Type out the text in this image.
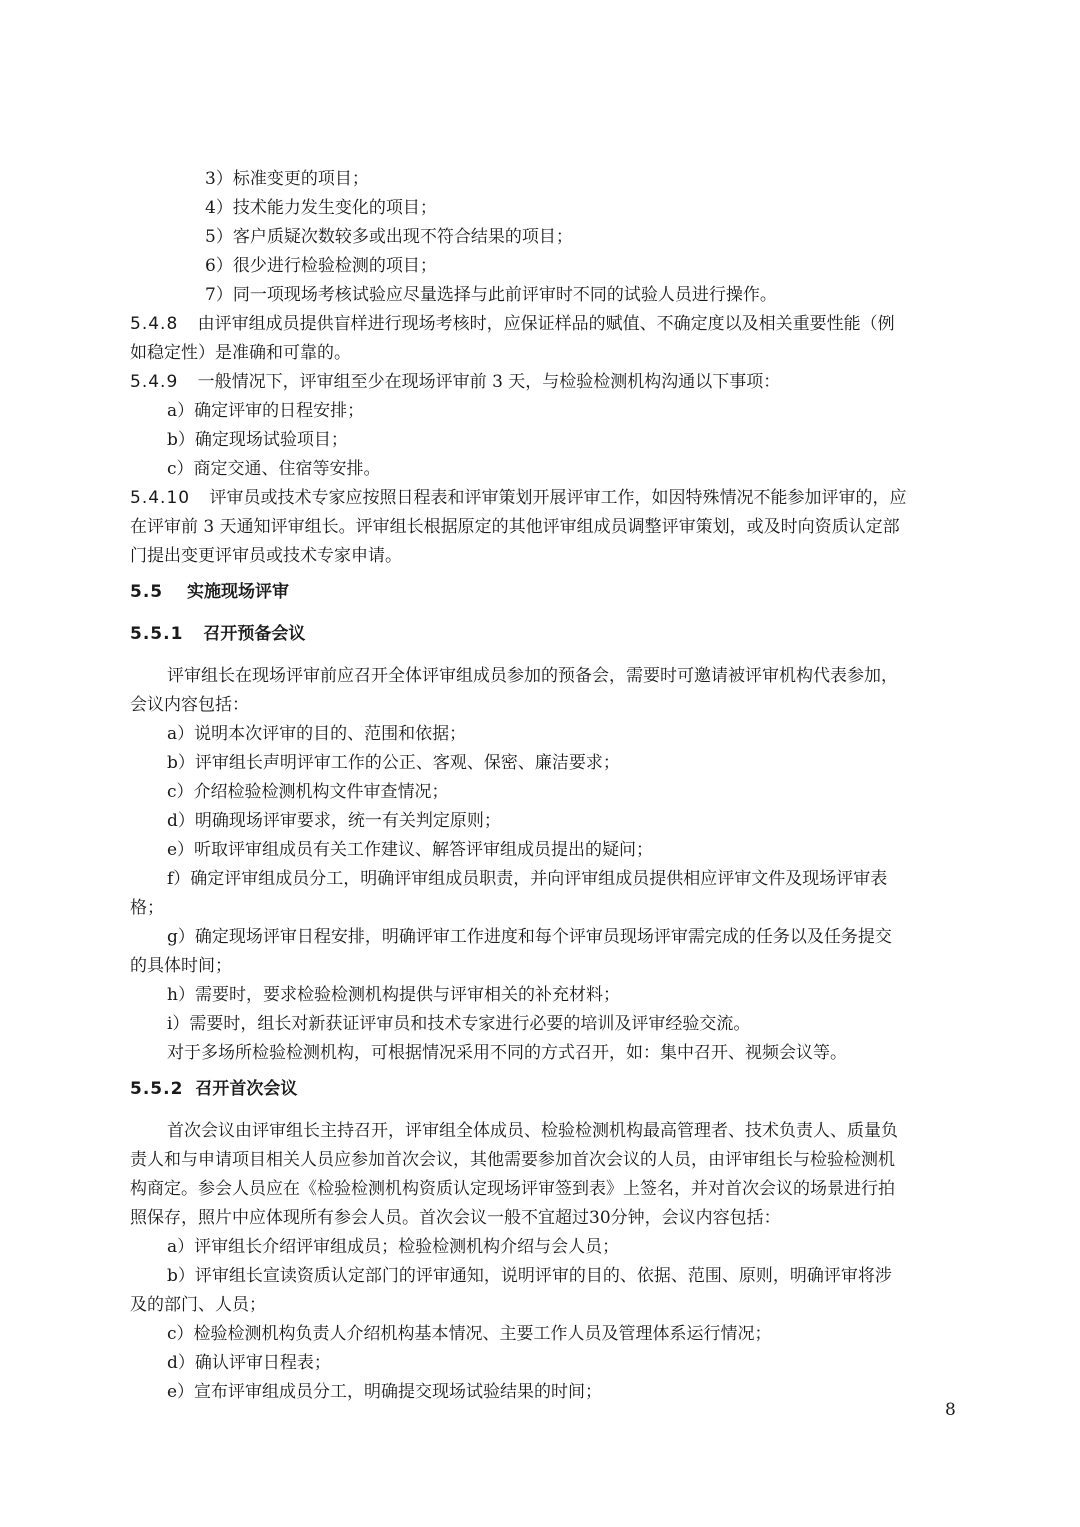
3）标准变更的项目；
4）技术能力发生变化的项目；
5）客户质疑次数较多或出现不符合结果的项目；
6）很少进行检验检测的项目；
7）同一项现场考核试验应尽量选择与此前评审时不同的试验人员进行操作。
5.4.8 由评审组成员提供盲样进行现场考核时，应保证样品的赋值、不确定度以及相关重要性能（例
如稳定性）是准确和可靠的。
5.4.9 一般情况下，评审组至少在现场评审前 3 天，与检验检测机构沟通以下事项：
a）确定评审的日程安排；
b）确定现场试验项目；
c）商定交通、住宿等安排。
5.4.10 评审员或技术专家应按照日程表和评审策划开展评审工作，如因特殊情况不能参加评审的，应
在评审前 3 天通知评审组长。评审组长根据原定的其他评审组成员调整评审策划，或及时向资质认定部
门提出变更评审员或技术专家申请。
5.5 实施现场评审
5.5.1 召开预备会议
评审组长在现场评审前应召开全体评审组成员参加的预备会，需要时可邀请被评审机构代表参加，
会议内容包括：
a）说明本次评审的目的、范围和依据；
b）评审组长声明评审工作的公正、客观、保密、廉洁要求；
c）介绍检验检测机构文件审查情况；
d）明确现场评审要求，统一有关判定原则；
e）听取评审组成员有关工作建议、解答评审组成员提出的疑问；
f）确定评审组成员分工，明确评审组成员职责，并向评审组成员提供相应评审文件及现场评审表
格；
g）确定现场评审日程安排，明确评审工作进度和每个评审员现场评审需完成的任务以及任务提交
的具体时间；
h）需要时，要求检验检测机构提供与评审相关的补充材料；
i）需要时，组长对新获证评审员和技术专家进行必要的培训及评审经验交流。
对于多场所检验检测机构，可根据情况采用不同的方式召开，如：集中召开、视频会议等。
5.5.2 召开首次会议
首次会议由评审组长主持召开，评审组全体成员、检验检测机构最高管理者、技术负责人、质量负
责人和与申请项目相关人员应参加首次会议，其他需要参加首次会议的人员，由评审组长与检验检测机
构商定。参会人员应在《检验检测机构资质认定现场评审签到表》上签名，并对首次会议的场景进行拍
照保存，照片中应体现所有参会人员。首次会议一般不宜超过30分钟，会议内容包括：
a）评审组长介绍评审组成员；检验检测机构介绍与会人员；
b）评审组长宣读资质认定部门的评审通知，说明评审的目的、依据、范围、原则，明确评审将涉
及的部门、人员；
c）检验检测机构负责人介绍机构基本情况、主要工作人员及管理体系运行情况；
d）确认评审日程表；
e）宣布评审组成员分工，明确提交现场试验结果的时间；
8
